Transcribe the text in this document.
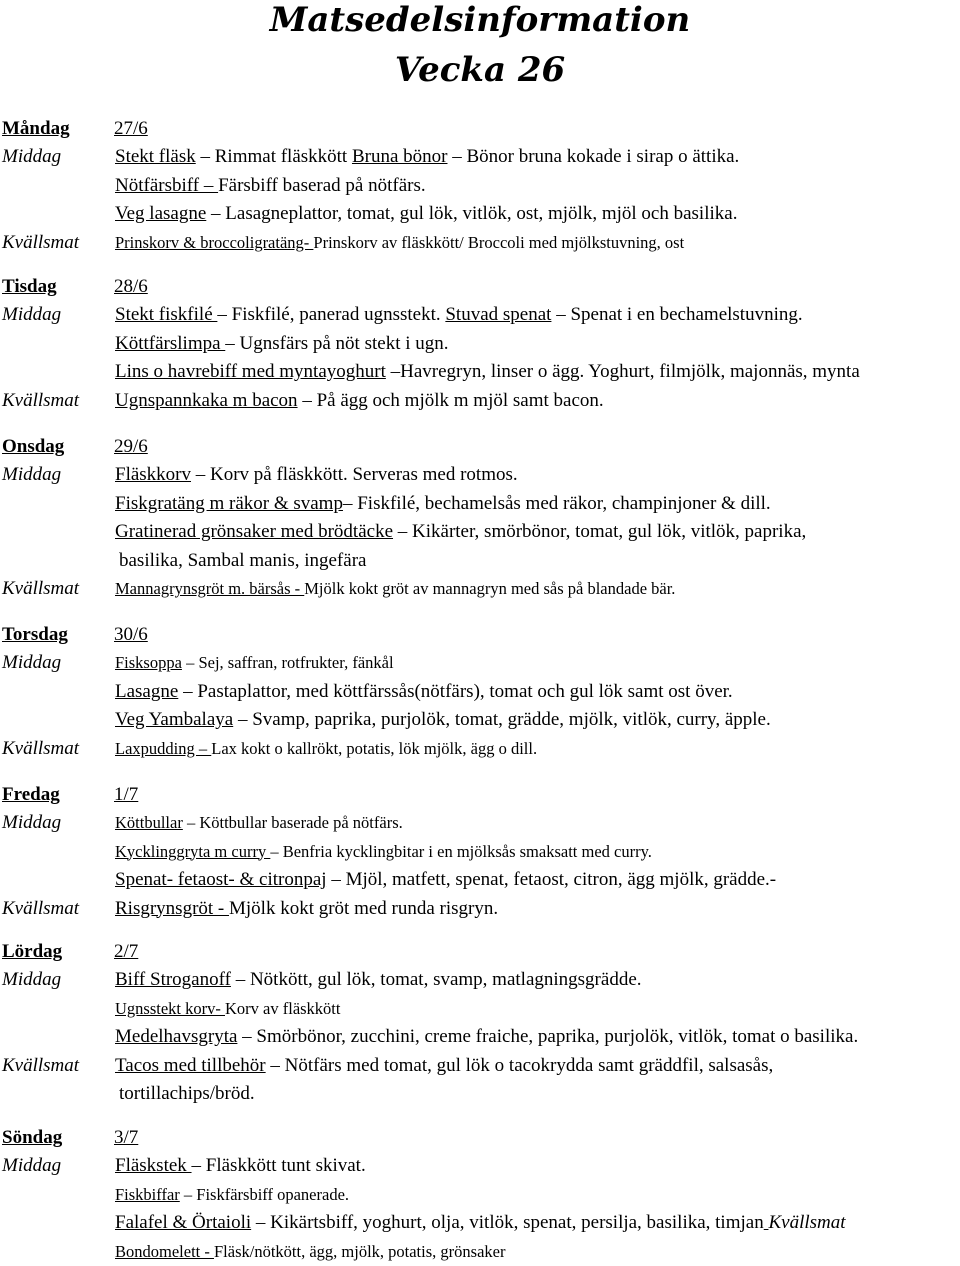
Matsedelsinformation
Vecka 26
Måndag 27/6
Middag	Stekt fläsk – Rimmat fläskkött Bruna bönor – Bönor bruna kokade i sirap o ättika.
Nötfärsbiff – Färsbiff baserad på nötfärs.
Veg lasagne – Lasagneplattor, tomat, gul lök, vitlök, ost, mjölk, mjöl och basilika.
Kvällsmat Prinskorv & broccoligratäng- Prinskorv av fläskkött/ Broccoli med mjölkstuvning, ost
Tisdag	28/6
Middag	Stekt fiskfilé – Fiskfilé, panerad ugnsstekt. Stuvad spenat – Spenat i en bechamelstuvning.
Köttfärslimpa – Ugnsfärs på nöt stekt i ugn.
Lins o havrebiff med myntayoghurt –Havregryn, linser o ägg. Yoghurt, filmjölk, majonnäs, mynta
Kvällsmat Ugnspannkaka m bacon – På ägg och mjölk m mjöl samt bacon.
Onsdag	29/6
Middag	Fläskkorv – Korv på fläskkött. Serveras med rotmos.
Fiskgratäng m räkor & svamp– Fiskfilé, bechamelsås med räkor, champinjoner & dill.
Gratinerad grönsaker med brödtäcke – Kikärter, smörbönor, tomat, gul lök, vitlök, paprika,
basilika, Sambal manis, ingefära
Kvällsmat Mannagrynsgröt m. bärsås - Mjölk kokt gröt av mannagryn med sås på blandade bär.
Torsdag 30/6
Middag	Fisksoppa – Sej, saffran, rotfrukter, fänkål
Lasagne – Pastaplattor, med köttfärssås(nötfärs), tomat och gul lök samt ost över.
Veg Yambalaya – Svamp, paprika, purjolök, tomat, grädde, mjölk, vitlök, curry, äpple.
Kvällsmat Laxpudding – Lax kokt o kallrökt, potatis, lök mjölk, ägg o dill.
Fredag	1/7
Middag	Köttbullar – Köttbullar baserade på nötfärs.
Kycklinggryta m curry – Benfria kycklingbitar i en mjölksås smaksatt med curry.
Spenat- fetaost- & citronpaj – Mjöl, matfett, spenat, fetaost, citron, ägg mjölk, grädde.-
Kvällsmat Risgrynsgröt - Mjölk kokt gröt med runda risgryn.
Lördag	2/7
Middag	Biff Stroganoff – Nötkött, gul lök, tomat, svamp, matlagningsgrädde.
Ugnsstekt korv- Korv av fläskkött
Medelhavsgryta – Smörbönor, zucchini, creme fraiche, paprika, purjolök, vitlök, tomat o basilika.
Kvällsmat Tacos med tillbehör – Nötfärs med tomat, gul lök o tacokrydda samt gräddfil, salsasås,
tortillachips/bröd.
Söndag	3/7
Middag	Fläskstek – Fläskkött tunt skivat.
Fiskbiffar – Fiskfärsbiff opanerade.
Falafel & Örtaioli – Kikärtsbiff, yoghurt, olja, vitlök, spenat, persilja, basilika, timjan Kvällsmat
Bondomelett - Fläsk/nötkött, ägg, mjölk, potatis, grönsaker
